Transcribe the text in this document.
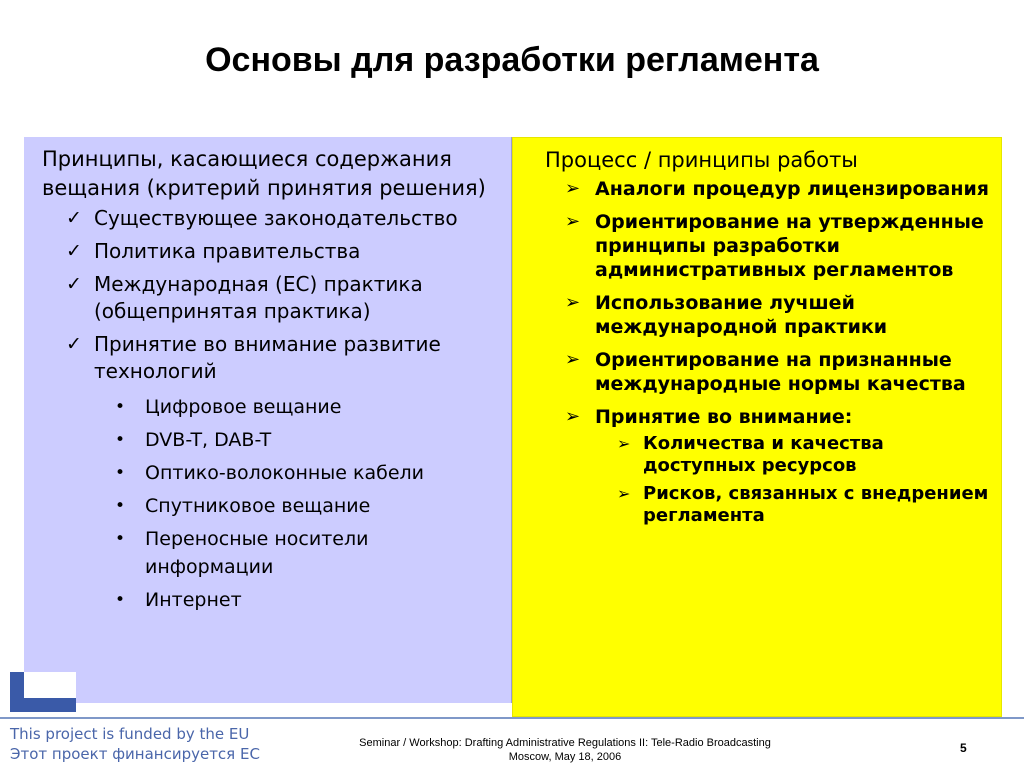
Основы для разработки регламента
Принципы, касающиеся содержания вещания (критерий принятия решения)
✓ Существующее законодательство
✓ Политика правительства
✓ Международная (ЕС) практика (общепринятая практика)
✓ Принятие во внимание развитие технологий
• Цифровое вещание
• DVB-T, DAB-T
• Оптико-волоконные кабели
• Спутниковое вещание
• Переносные носители информации
• Интернет
Процесс / принципы работы
➢ Аналоги процедур лицензирования
➢ Ориентирование на утвержденные принципы разработки административных регламентов
➢ Использование лучшей международной практики
➢ Ориентирование на признанные международные нормы качества
➢ Принятие во внимание:
➢ Количества и качества доступных ресурсов
➢ Рисков, связанных с внедрением регламента
This project is funded by the EU
Этот проект финансируется ЕС
Seminar / Workshop: Drafting Administrative Regulations II: Tele-Radio Broadcasting
Moscow, May 18, 2006
5
